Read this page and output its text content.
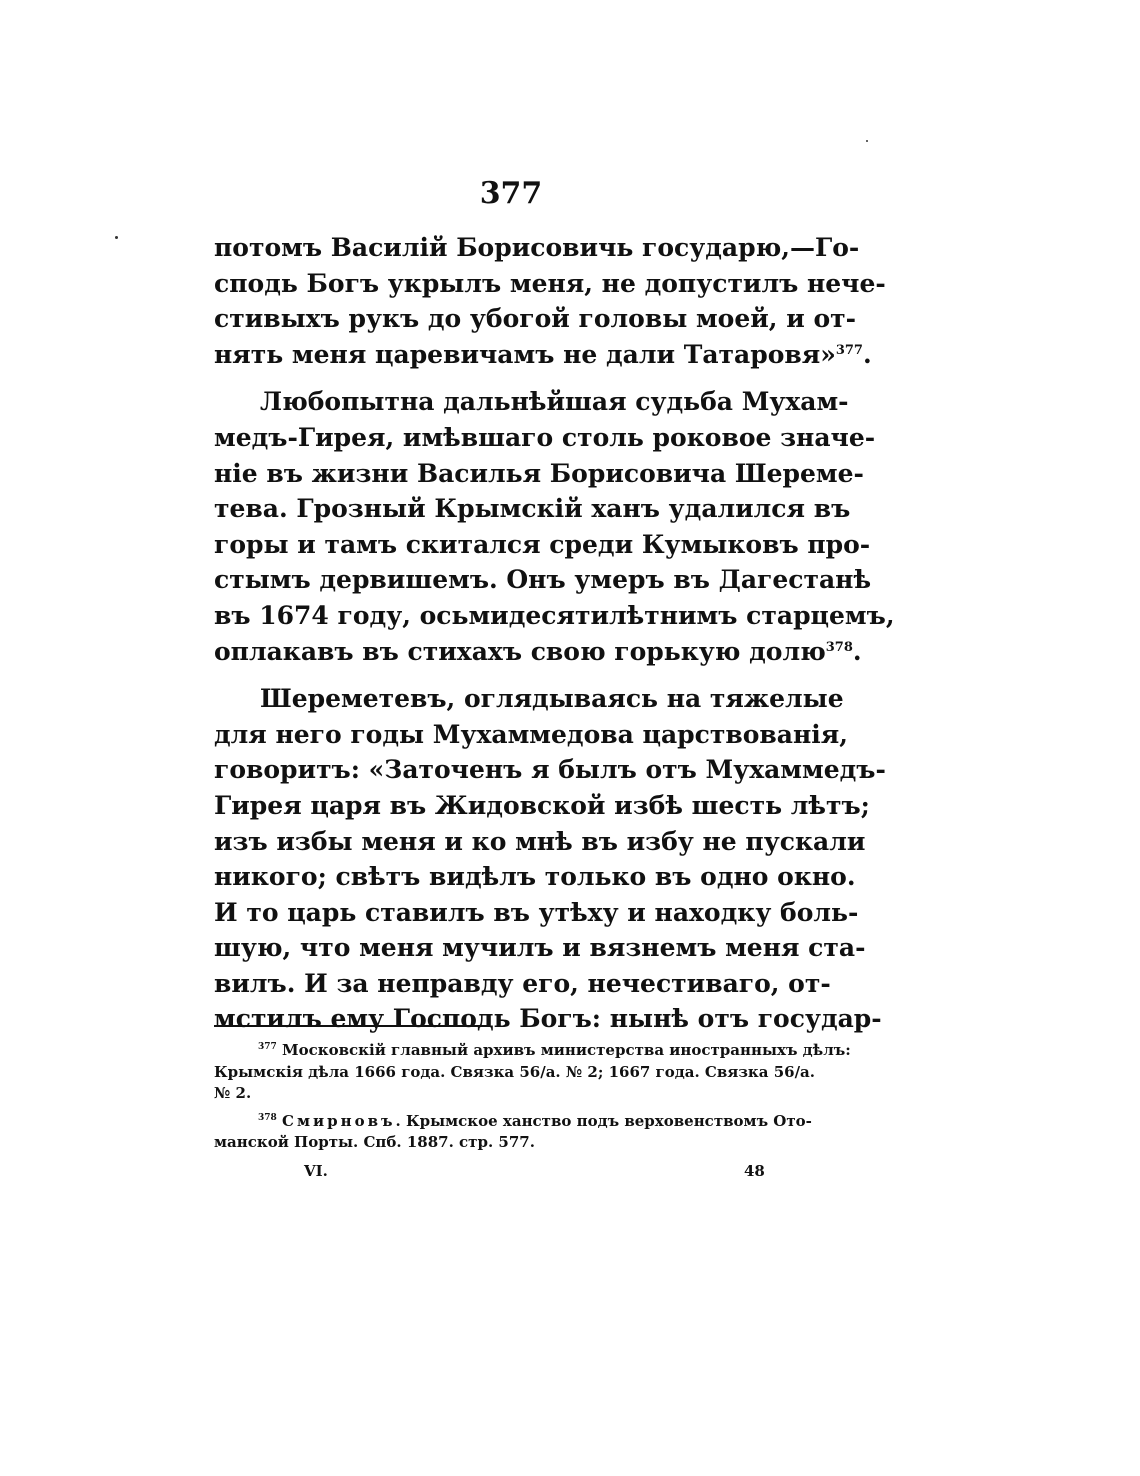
377
потомъ Василій Борисовичь государю,—Го-
сподь Богъ укрылъ меня, не допустилъ нече-
стивыхъ рукъ до убогой головы моей, и от-
нять меня царевичамъ не дали Татаровя»$^{377}$.
Любопытна дальнѣйшая судьба Мухам-
медъ-Гирея, имѣвшаго столь роковое значе-
ніе въ жизни Василья Борисовича Шереме-
тева. Грозный Крымскій ханъ удалился въ
горы и тамъ скитался среди Кумыковъ про-
стымъ дервишемъ. Онъ умеръ въ Дагестанѣ
въ 1674 году, осьмидесятилѣтнимъ старцемъ,
оплакавъ въ стихахъ свою горькую долю$^{378}$.
Шереметевъ, оглядываясь на тяжелые
для него годы Мухаммедова царствованія,
говоритъ: «Заточенъ я былъ отъ Мухаммедъ-
Гирея царя въ Жидовской избѣ шесть лѣтъ;
изъ избы меня и ко мнѣ въ избу не пускали
никого; свѣтъ видѣлъ только въ одно окно.
И то царь ставилъ въ утѣху и находку боль-
шую, что меня мучилъ и вязнемъ меня ста-
вилъ. И за неправду его, нечестиваго, от-
мстилъ ему Господь Богъ: нынѣ отъ государ-
$^{377}$ Московскій главный архивъ министерства иностранныхъ дѣлъ:
Крымскія дѣла 1666 года. Связка 56/а. № 2; 1667 года. Связка 56/а.
№ 2.
$^{378}$ Смирновъ. Крымское ханство подъ верховенствомъ Ото-
манской Порты. Спб. 1887. стр. 577.
VI.	48
